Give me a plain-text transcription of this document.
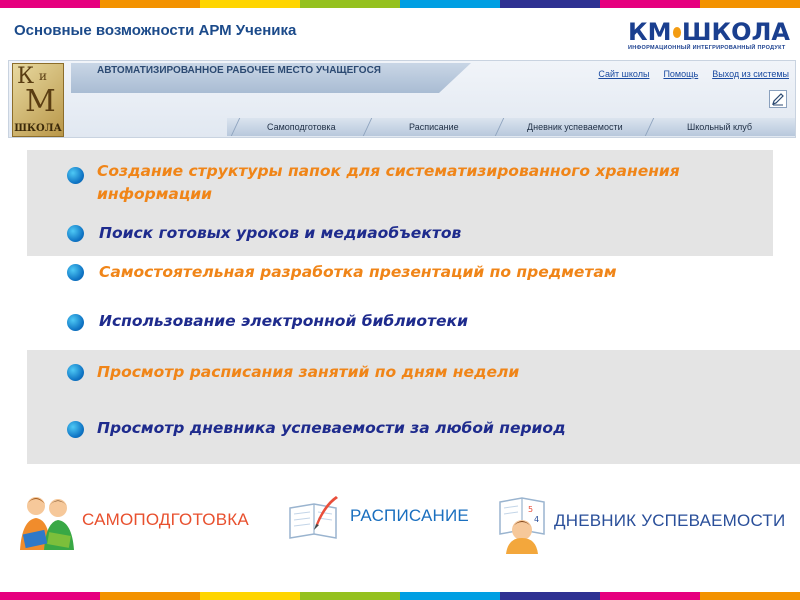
Основные возможности АРМ Ученика	КМ ШКОЛА
ИНФОРМАЦИОННЫЙ ИНТЕГРИРОВАННЫЙ ПРОДУКТ
К и
М
ШКОЛА
АВТОМАТИЗИРОВАННОЕ РАБОЧЕЕ МЕСТО УЧАЩЕГОСЯ	Сайт школы Помощь Выход из системы
Самоподготовка	Расписание	Дневник успеваемости	Школьный клуб
Создание структуры папок для систематизированного хранения информации
Поиск готовых уроков и медиаобъектов
Самостоятельная разработка презентаций по предметам
Использование электронной библиотеки
Просмотр расписания занятий по дням недели
Просмотр дневника успеваемости за любой период
САМОПОДГОТОВКА	РАСПИСАНИЕ	5
4 ДНЕВНИК УСПЕВАЕМОСТИ
